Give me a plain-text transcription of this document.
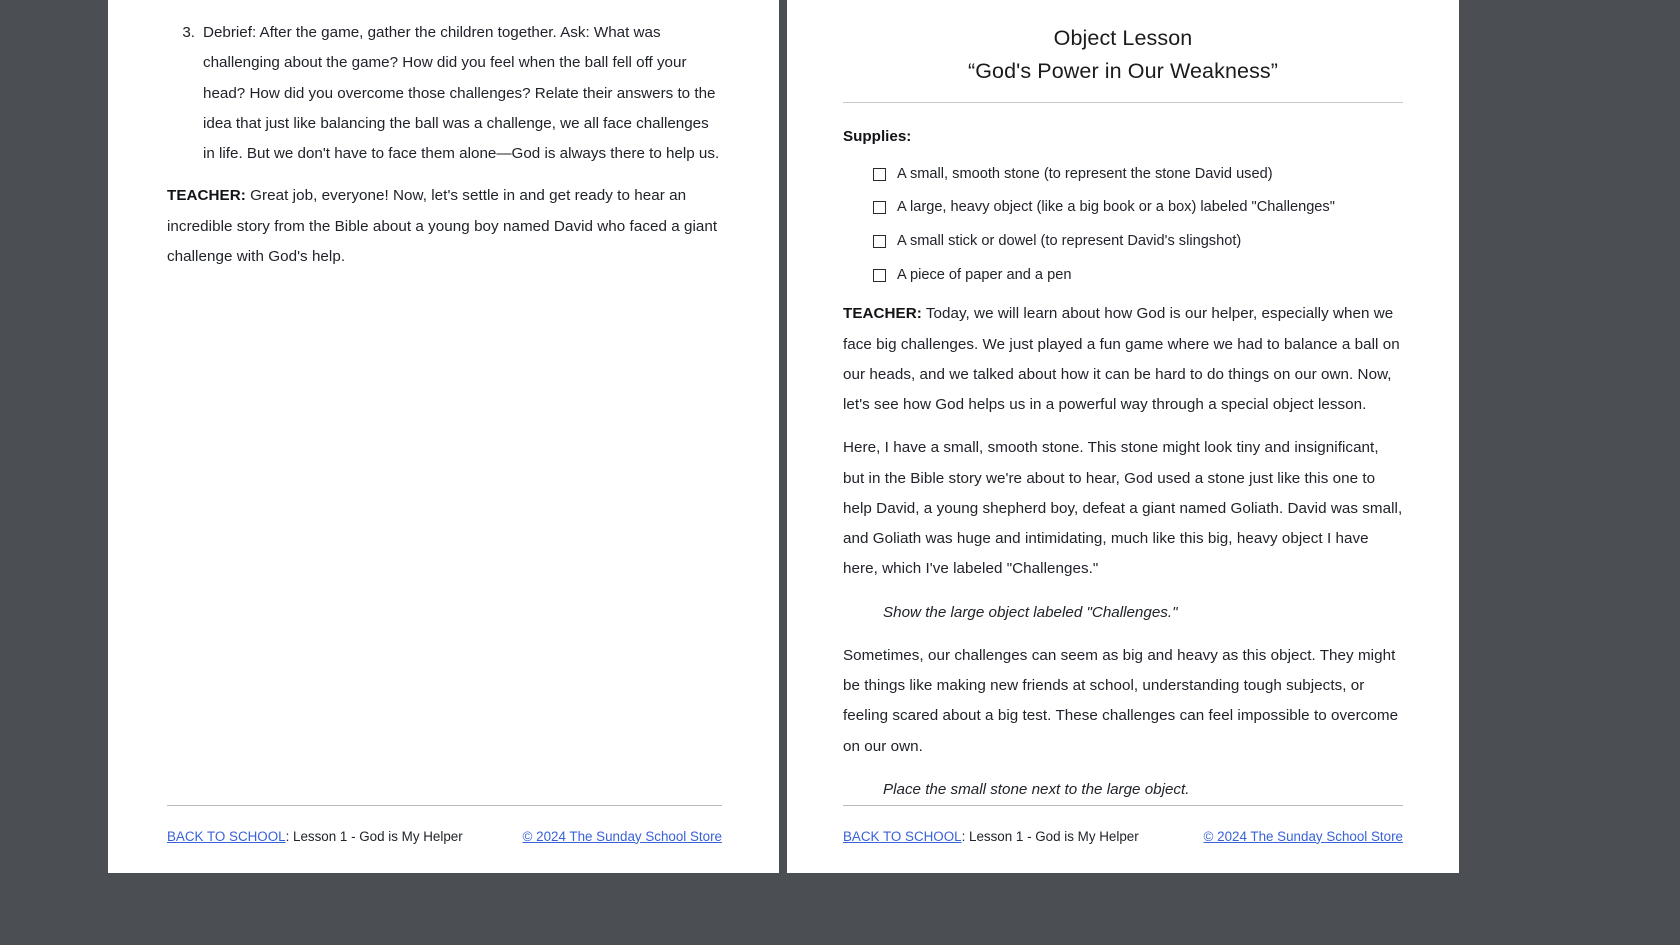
3. Debrief: After the game, gather the children together. Ask: What was challenging about the game? How did you feel when the ball fell off your head? How did you overcome those challenges? Relate their answers to the idea that just like balancing the ball was a challenge, we all face challenges in life. But we don't have to face them alone—God is always there to help us.

TEACHER: Great job, everyone! Now, let's settle in and get ready to hear an incredible story from the Bible about a young boy named David who faced a giant challenge with God's help.

BACK TO SCHOOL: Lesson 1 - God is My Helper	© 2024 The Sunday School Store
Object Lesson
“God's Power in Our Weakness”
Supplies:
A small, smooth stone (to represent the stone David used)
A large, heavy object (like a big book or a box) labeled "Challenges"
A small stick or dowel (to represent David's slingshot)
A piece of paper and a pen

TEACHER: Today, we will learn about how God is our helper, especially when we face big challenges. We just played a fun game where we had to balance a ball on our heads, and we talked about how it can be hard to do things on our own. Now, let's see how God helps us in a powerful way through a special object lesson.

Here, I have a small, smooth stone. This stone might look tiny and insignificant, but in the Bible story we're about to hear, God used a stone just like this one to help David, a young shepherd boy, defeat a giant named Goliath. David was small, and Goliath was huge and intimidating, much like this big, heavy object I have here, which I've labeled "Challenges."

Show the large object labeled "Challenges."

Sometimes, our challenges can seem as big and heavy as this object. They might be things like making new friends at school, understanding tough subjects, or feeling scared about a big test. These challenges can feel impossible to overcome on our own.

Place the small stone next to the large object.
BACK TO SCHOOL: Lesson 1 - God is My Helper	© 2024 The Sunday School Store
